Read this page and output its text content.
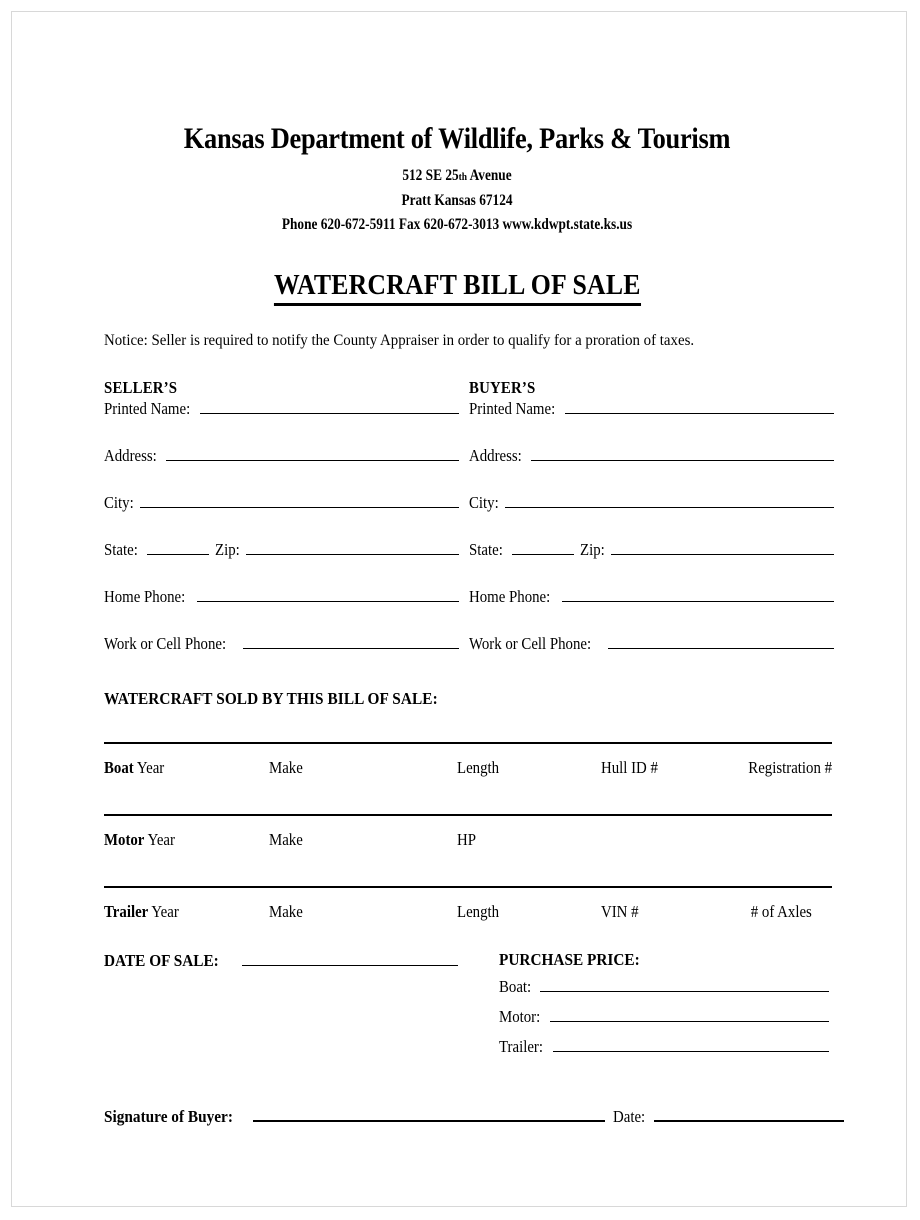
Kansas Department of Wildlife, Parks & Tourism
512 SE 25th Avenue
Pratt Kansas 67124
Phone 620-672-5911 Fax 620-672-3013 www.kdwpt.state.ks.us
WATERCRAFT BILL OF SALE
Notice: Seller is required to notify the County Appraiser in order to qualify for a proration of taxes.
SELLER’S
Printed Name:
Address:
City:
State:	Zip:
Home Phone:
Work or Cell Phone:
BUYER’S
Printed Name:
Address:
City:
State:	Zip:
Home Phone:
Work or Cell Phone:
WATERCRAFT SOLD BY THIS BILL OF SALE:
Boat Year	Make	Length	Hull ID #	Registration #
Motor Year	Make	HP
Trailer Year	Make	Length	VIN #	# of Axles
DATE OF SALE:	PURCHASE PRICE:
Boat:
Motor:
Trailer:
Signature of Buyer:	Date:
